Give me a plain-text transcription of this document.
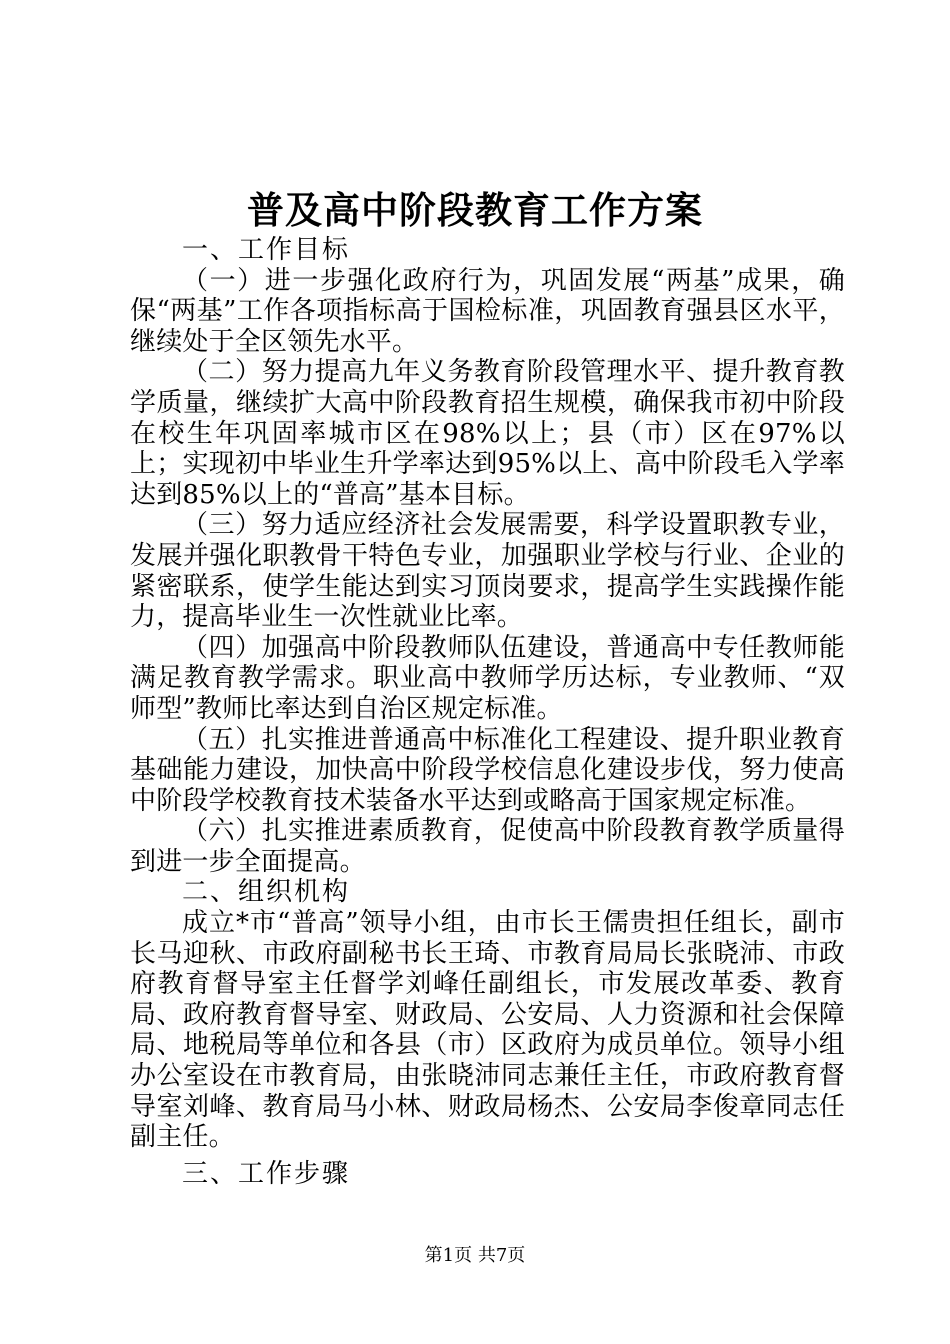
普及高中阶段教育工作方案

一、工作目标

（一）进一步强化政府行为，巩固发展“两基”成果，确保“两基”工作各项指标高于国检标准，巩固教育强县区水平，继续处于全区领先水平。

（二）努力提高九年义务教育阶段管理水平、提升教育教学质量，继续扩大高中阶段教育招生规模，确保我市初中阶段在校生年巩固率城市区在98%以上；县（市）区在97%以上；实现初中毕业生升学率达到95%以上、高中阶段毛入学率达到85%以上的“普高”基本目标。

（三）努力适应经济社会发展需要，科学设置职教专业，发展并强化职教骨干特色专业，加强职业学校与行业、企业的紧密联系，使学生能达到实习顶岗要求，提高学生实践操作能力，提高毕业生一次性就业比率。

（四）加强高中阶段教师队伍建设，普通高中专任教师能满足教育教学需求。职业高中教师学历达标，专业教师、“双师型”教师比率达到自治区规定标准。

（五）扎实推进普通高中标准化工程建设、提升职业教育基础能力建设，加快高中阶段学校信息化建设步伐，努力使高中阶段学校教育技术装备水平达到或略高于国家规定标准。

（六）扎实推进素质教育，促使高中阶段教育教学质量得到进一步全面提高。

二、组织机构

成立*市“普高”领导小组，由市长王儒贵担任组长，副市长马迎秋、市政府副秘书长王琦、市教育局局长张晓沛、市政府教育督导室主任督学刘峰任副组长，市发展改革委、教育局、政府教育督导室、财政局、公安局、人力资源和社会保障局、地税局等单位和各县（市）区政府为成员单位。领导小组办公室设在市教育局，由张晓沛同志兼任主任，市政府教育督导室刘峰、教育局马小林、财政局杨杰、公安局李俊章同志任副主任。

三、工作步骤

第1页 共7页
